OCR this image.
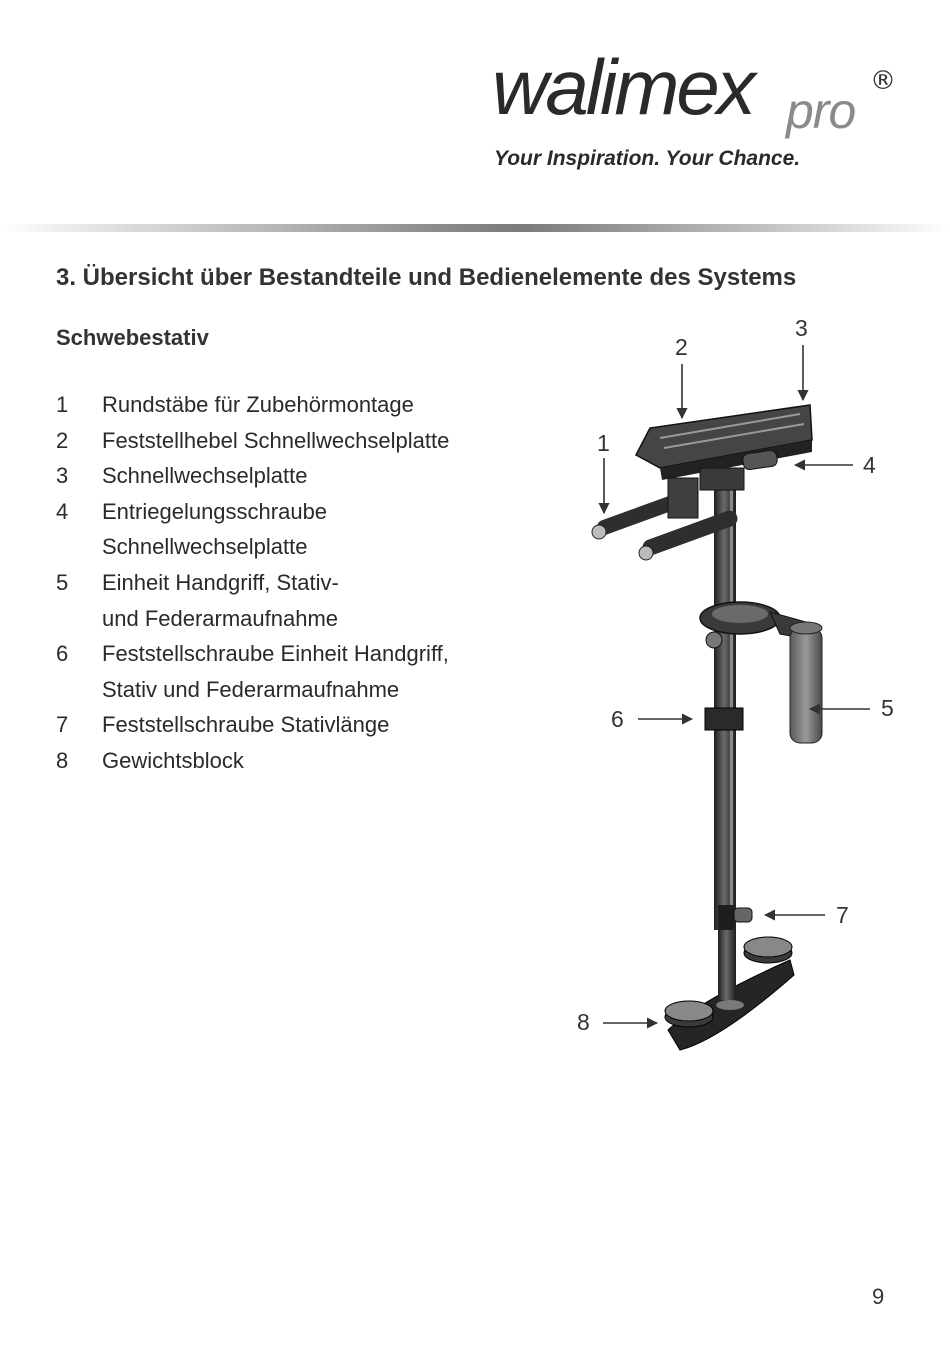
walimex pro
®
Your Inspiration. Your Chance.
3. Übersicht über Bestandteile und Bedienelemente des Systems
Schwebestativ
1	Rundstäbe für Zubehörmontage
2	Feststellhebel Schnellwechselplatte
3	Schnellwechselplatte
4	Entriegelungsschraube
Schnellwechselplatte
5	Einheit Handgriff, Stativ-
und Federarmaufnahme
6	Feststellschraube Einheit Handgriff,
Stativ und Federarmaufnahme
7	Feststellschraube Stativlänge
8	Gewichtsblock
1
2
3
4
5
6
7
8
9
